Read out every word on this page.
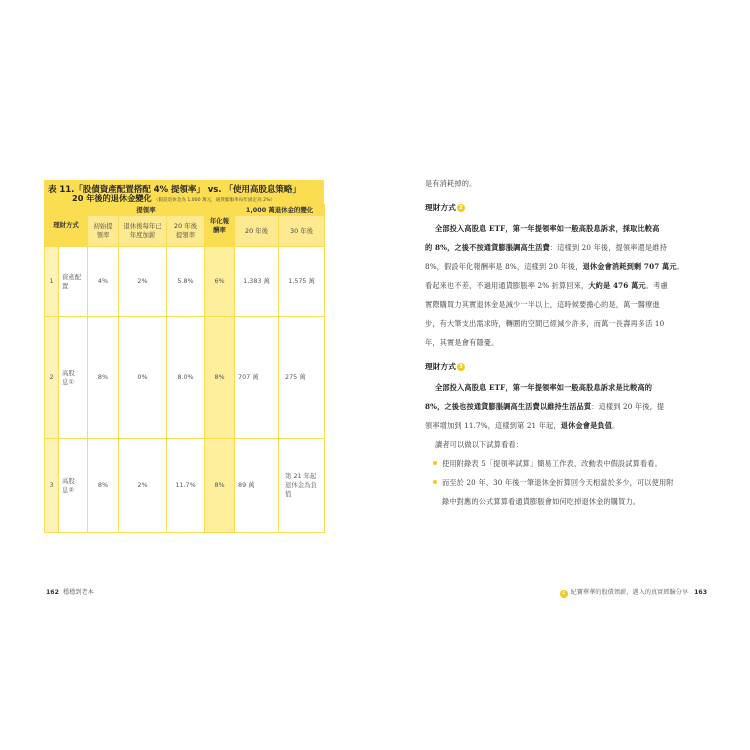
表 11.「股債資產配置搭配 4% 提領率」 vs. 「使用高股息策略」
20 年後的退休金變化 （假設退休金為 1,000 萬元，通貨膨脹率每年固定為 2%）
理財方式		提領率			年化報酬率	1,000 萬退休金的變化	
		初始提領率	退休後每年已年度加薪	20 年後提領率		20 年後	30 年後
1	資產配置	4%	2%	5.8%	6%	1,383 萬	1,575 萬
2	高股息①	8%	0%	8.0%	8%	707 萬	275 萬
3	高股息②	8%	2%	11.7%	8%	89 萬	第 21 年起退休金為負值
是有消耗掉的。
理財方式 2
全部投入高股息 ETF，第一年提領率如一般高股息訴求，採取比較高
的 8%，之後不按通貨膨脹調高生活費：這樣到 20 年後，提領率還是維持
8%，假設年化報酬率是 8%，這樣到 20 年後，退休金會消耗到剩 707 萬元。
看起來也不差，不過用通貨膨脹率 2% 折算回來，大約是 476 萬元。考慮
實際購買力其實退休金是減少一半以上，這時候要擔心的是，萬一醫療進
步，有大筆支出需求時，轉圜的空間已經減少許多，而萬一長壽再多活 10
年，其實是會有隱憂。
理財方式 3
全部投入高股息 ETF，第一年提領率如一般高股息訴求是比較高的
8%，之後也按通貨膨脹調高生活費以維持生活品質：這樣到 20 年後，提
領率增加到 11.7%，這樣到第 21 年起，退休金會是負值。
讀者可以做以下試算看看：
使用附錄表 5「提領率試算」簡易工作表，改動表中假設試算看看。
而至於 20 年、30 年後一筆退休金折算回今天相當於多少，可以使用附
錄中對應的公式算算看通貨膨脹會如何吃掉退休金的購買力。
162 穩穩到老本	4 紀寶華華的股債領薪，邁入的真實經驗分享 163
